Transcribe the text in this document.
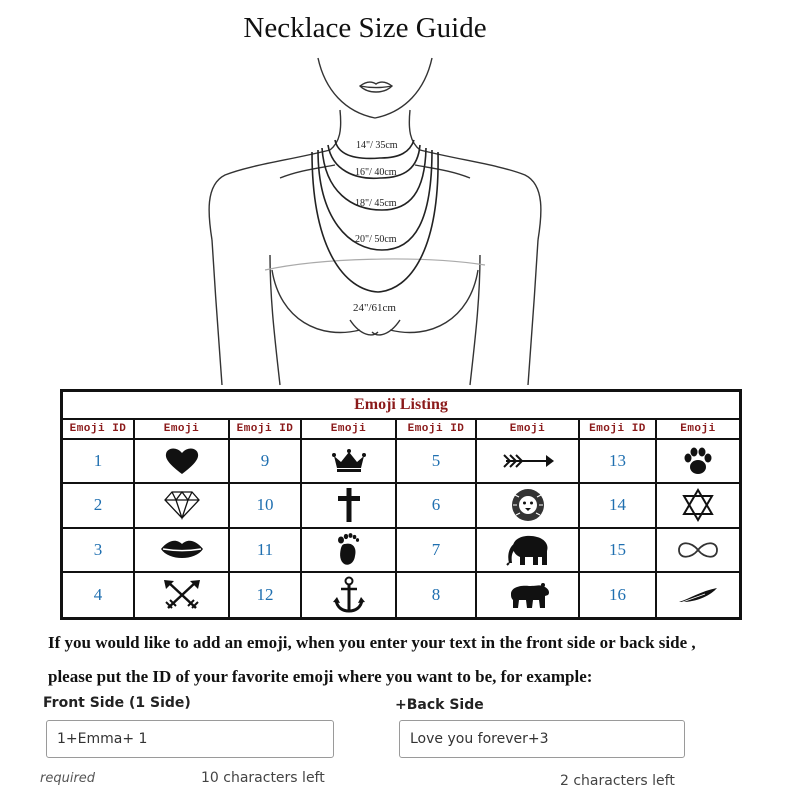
Necklace Size Guide
14"/ 35cm
16"/ 40cm
18"/ 45cm
20"/ 50cm
24"/61cm
Emoji Listing
Emoji ID	Emoji	Emoji ID	Emoji	Emoji ID	Emoji	Emoji ID	Emoji
1	9	5	13
2	10	6	14
3	11	7	15
4	12	8	16
If you would like to add an emoji, when you enter your text in the front side or back side ,
please put the ID of your favorite emoji where you want to be, for example:
Front Side (1 Side)	+Back Side
1+Emma+ 1
Love you forever+3
required	10 characters left	2 characters left
